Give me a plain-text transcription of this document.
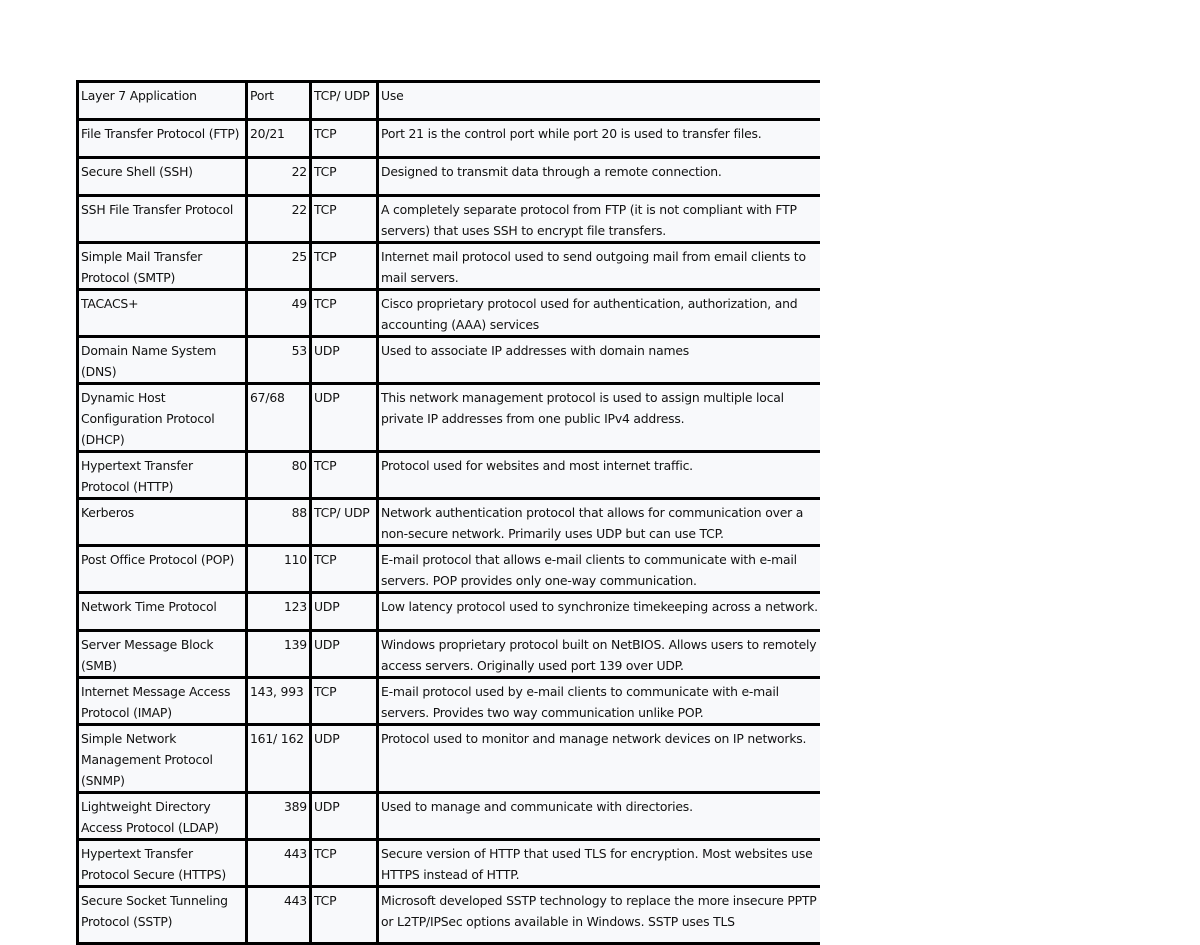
Layer 7 Application	Port	TCP/ UDP	Use
File Transfer Protocol (FTP)	20/21	TCP	Port 21 is the control port while port 20 is used to transfer files.
Secure Shell (SSH)	22	TCP	Designed to transmit data through a remote connection.
SSH File Transfer Protocol	22	TCP	A completely separate protocol from FTP (it is not compliant with FTP servers) that uses SSH to encrypt file transfers.
Simple Mail Transfer Protocol (SMTP)	25	TCP	Internet mail protocol used to send outgoing mail from email clients to mail servers.
TACACS+	49	TCP	Cisco proprietary protocol used for authentication, authorization, and accounting (AAA) services
Domain Name System (DNS)	53	UDP	Used to associate IP addresses with domain names
Dynamic Host Configuration Protocol (DHCP)	67/68	UDP	This network management protocol is used to assign multiple local private IP addresses from one public IPv4 address.
Hypertext Transfer Protocol (HTTP)	80	TCP	Protocol used for websites and most internet traffic.
Kerberos	88	TCP/ UDP	Network authentication protocol that allows for communication over a non-secure network. Primarily uses UDP but can use TCP.
Post Office Protocol (POP)	110	TCP	E-mail protocol that allows e-mail clients to communicate with e-mail servers. POP provides only one-way communication.
Network Time Protocol	123	UDP	Low latency protocol used to synchronize timekeeping across a network.
Server Message Block (SMB)	139	UDP	Windows proprietary protocol built on NetBIOS. Allows users to remotely access servers. Originally used port 139 over UDP.
Internet Message Access Protocol (IMAP)	143, 993	TCP	E-mail protocol used by e-mail clients to communicate with e-mail servers. Provides two way communication unlike POP.
Simple Network Management Protocol (SNMP)	161/ 162	UDP	Protocol used to monitor and manage network devices on IP networks.
Lightweight Directory Access Protocol (LDAP)	389	UDP	Used to manage and communicate with directories.
Hypertext Transfer Protocol Secure (HTTPS)	443	TCP	Secure version of HTTP that used TLS for encryption. Most websites use HTTPS instead of HTTP.
Secure Socket Tunneling Protocol (SSTP)	443	TCP	Microsoft developed SSTP technology to replace the more insecure PPTP or L2TP/IPSec options available in Windows. SSTP uses TLS
